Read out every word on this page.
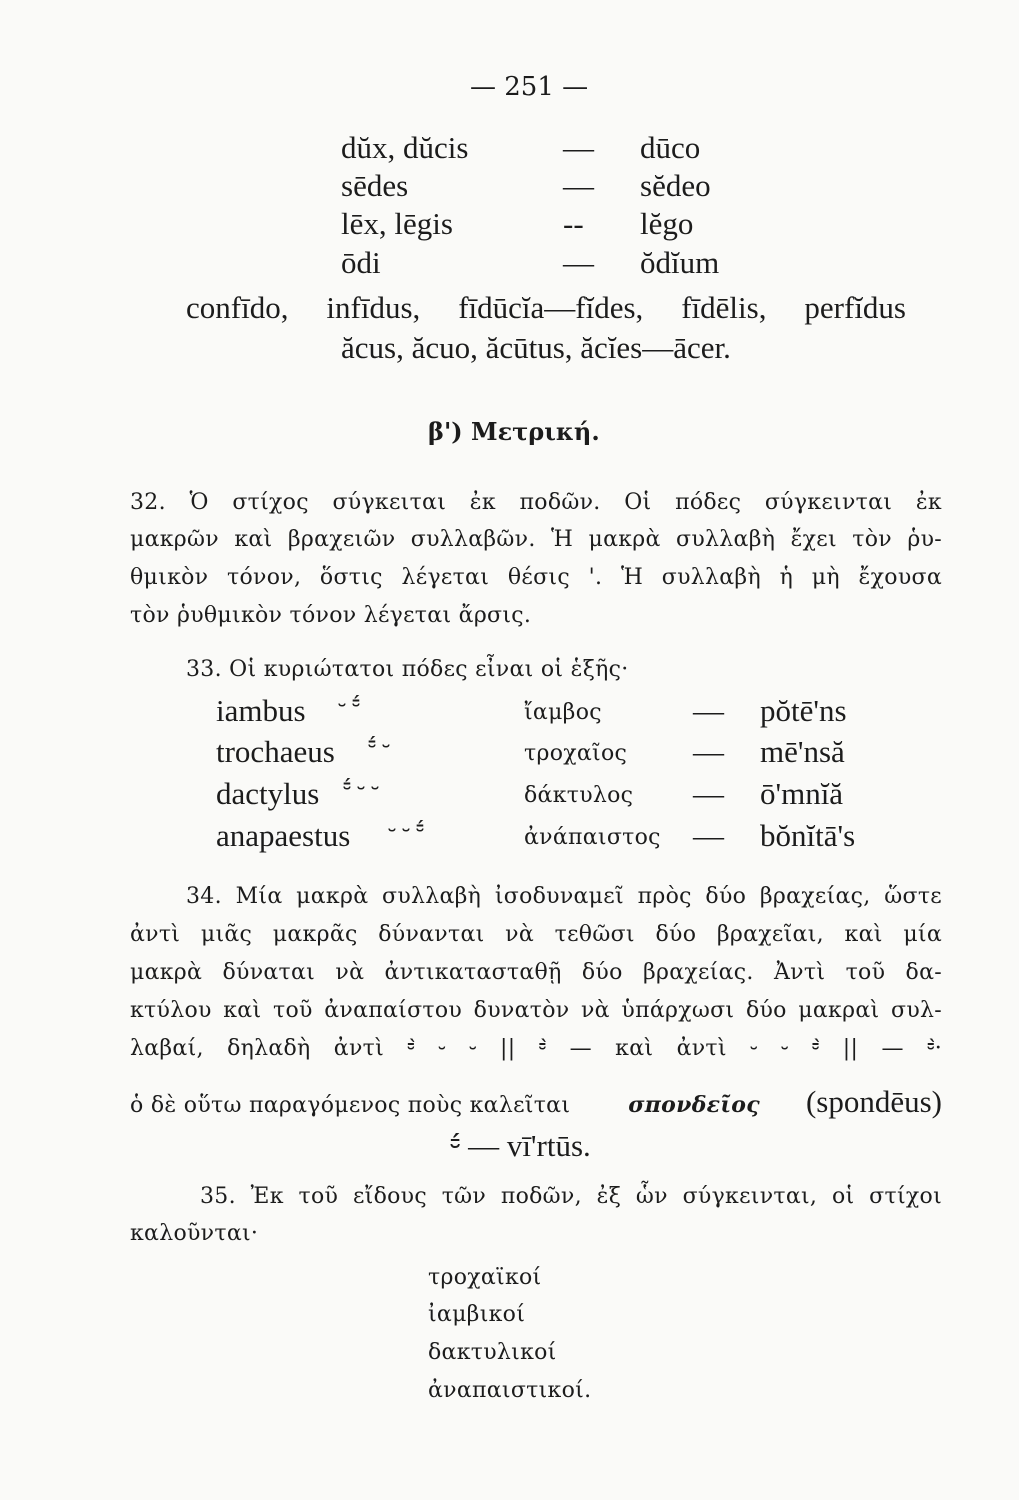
— 251 —
dŭx, dŭcis	— dūco
sēdes	— sĕdeo
lēx, lēgis	-- lĕgo
ōdi	— ŏdĭum
confīdo, infīdus, fīdūcĭa—fĭdes, fīdēlis, perfĭdus
ăcus, ăcuo, ăcūtus, ăcĭes—ācer.
β') Μετρική.
32. Ὁ στίχος σύγκειται ἐκ ποδῶν. Οἱ πόδες σύγκεινται ἐκ
μακρῶν καὶ βραχειῶν συλλαβῶν. Ἡ μακρὰ συλλαβὴ ἔχει τὸν ῥυ-
θμικὸν τόνον, ὅστις λέγεται θέσις '. Ἡ συλλαβὴ ἡ μὴ ἔχουσα
τὸν ῥυθμικὸν τόνον λέγεται ἄρσις.
33. Οἱ κυριώτατοι πόδες εἶναι οἱ ἑξῆς·
iambus ⏑ ⏒́	ἴαμβος	— pŏtē'ns
trochaeus ⏒́ ⏑	τροχαῖος — mē'nsă
dactylus ⏒́ ⏑ ⏑	δάκτυλος — ō'mnĭă
anapaestus ⏑ ⏑ ⏒́	ἀνάπαιστος — bŏnĭtā's
34. Μία μακρὰ συλλαβὴ ἰσοδυναμεῖ πρὸς δύο βραχείας, ὥστε
ἀντὶ μιᾶς μακρᾶς δύνανται νὰ τεθῶσι δύο βραχεῖαι, καὶ μία
μακρὰ δύναται νὰ ἀντικατασταθῇ δύο βραχείας. Ἀντὶ τοῦ δα-
κτύλου καὶ τοῦ ἀναπαίστου δυνατὸν νὰ ὑπάρχωσι δύο μακραὶ συλ-
λαβαί, δηλαδὴ ἀντὶ ⏒́ ⏑ ⏑ || ⏒́ — καὶ ἀντὶ ⏑ ⏑ ⏒́ || — ⏒́·
ὁ δὲ οὕτω παραγόμενος ποὺς καλεῖται	σπονδεῖος (spondēus)
⏒́ — vī'rtūs.
35. Ἐκ τοῦ εἴδους τῶν ποδῶν, ἐξ ὧν σύγκεινται, οἱ στίχοι
καλοῦνται·
τροχαϊκοί
ἰαμβικοί
δακτυλικοί
ἀναπαιστικοί.
